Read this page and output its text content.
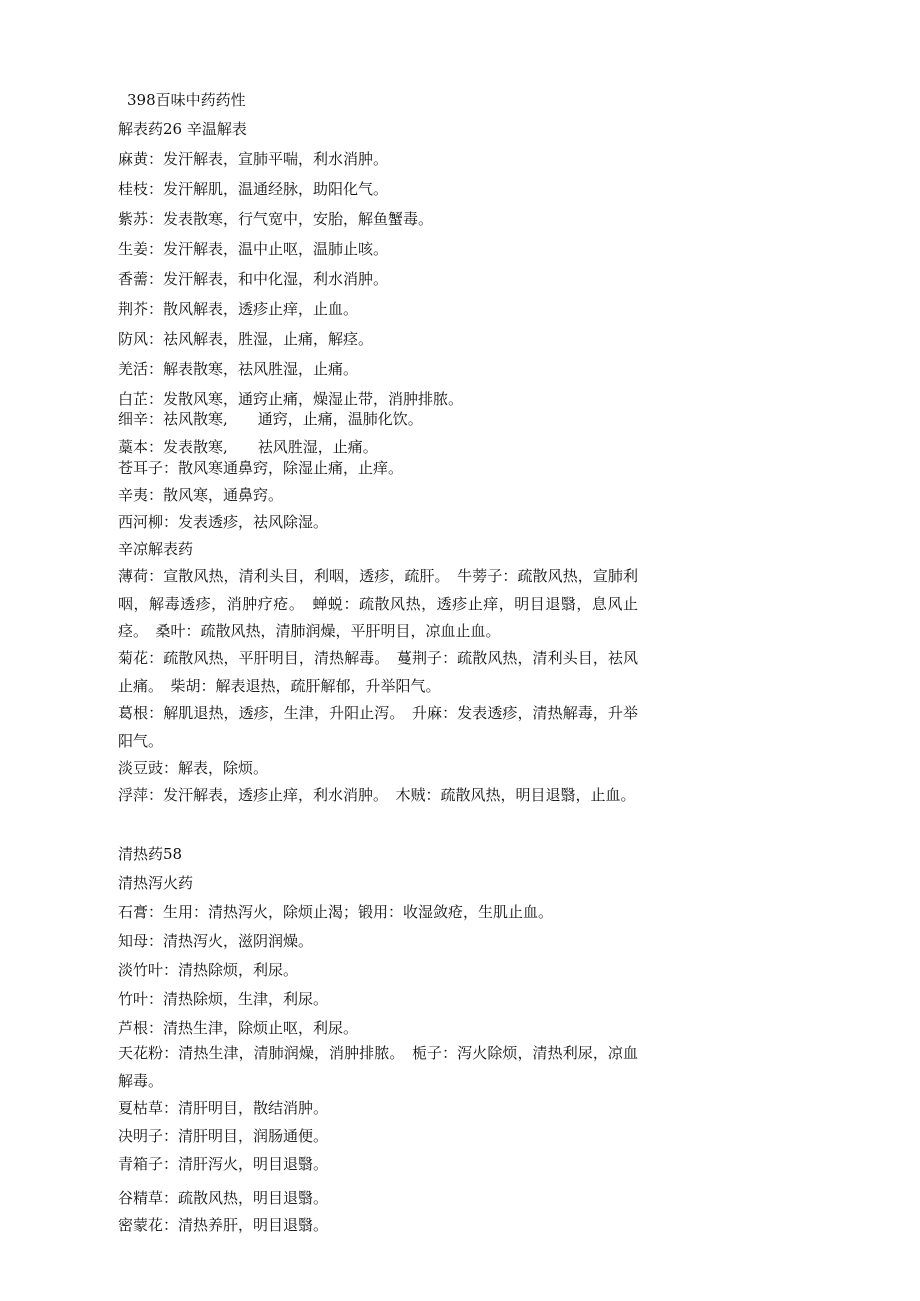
398百味中药药性
解表药26 辛温解表
麻黄：发汗解表，宣肺平喘，利水消肿。
桂枝：发汗解肌，温通经脉，助阳化气。
紫苏：发表散寒，行气宽中，安胎，解鱼蟹毒。
生姜：发汗解表，温中止呕，温肺止咳。
香薷：发汗解表，和中化湿，利水消肿。
荆芥：散风解表，透疹止痒，止血。
防风：祛风解表，胜湿，止痛，解痉。
羌活：解表散寒，祛风胜湿，止痛。
白芷：发散风寒，通窍止痛，燥湿止带，消肿排脓。
细辛：祛风散寒,　　通窍，止痛，温肺化饮。
藁本：发表散寒,　　祛风胜湿，止痛。
苍耳子：散风寒通鼻窍，除湿止痛，止痒。
辛夷：散风寒，通鼻窍。
西河柳：发表透疹，祛风除湿。
辛凉解表药
薄荷：宣散风热，清利头目，利咽，透疹，疏肝。　牛蒡子：疏散风热，宣肺利咽，解毒透疹，消肿疗疮。　蝉蜕：疏散风热，透疹止痒，明目退翳，息风止痉。　桑叶：疏散风热，清肺润燥，平肝明目，凉血止血。
菊花：疏散风热，平肝明目，清热解毒。　蔓荆子：疏散风热，清利头目，祛风止痛。　柴胡：解表退热，疏肝解郁，升举阳气。
葛根：解肌退热，透疹，生津，升阳止泻。　升麻：发表透疹，清热解毒，升举阳气。
淡豆豉：解表，除烦。
浮萍：发汗解表，透疹止痒，利水消肿。　木贼：疏散风热，明目退翳，止血。
清热药58
清热泻火药
石膏：生用：清热泻火，除烦止渴；锻用：收湿敛疮，生肌止血。
知母：清热泻火，滋阴润燥。
淡竹叶：清热除烦，利尿。
竹叶：清热除烦，生津，利尿。
芦根：清热生津，除烦止呕，利尿。
天花粉：清热生津，清肺润燥，消肿排脓。　栀子：泻火除烦，清热利尿，凉血解毒。
夏枯草：清肝明目，散结消肿。
决明子：清肝明目，润肠通便。
青箱子：清肝泻火，明目退翳。
谷精草：疏散风热，明目退翳。
密蒙花：清热养肝，明目退翳。
